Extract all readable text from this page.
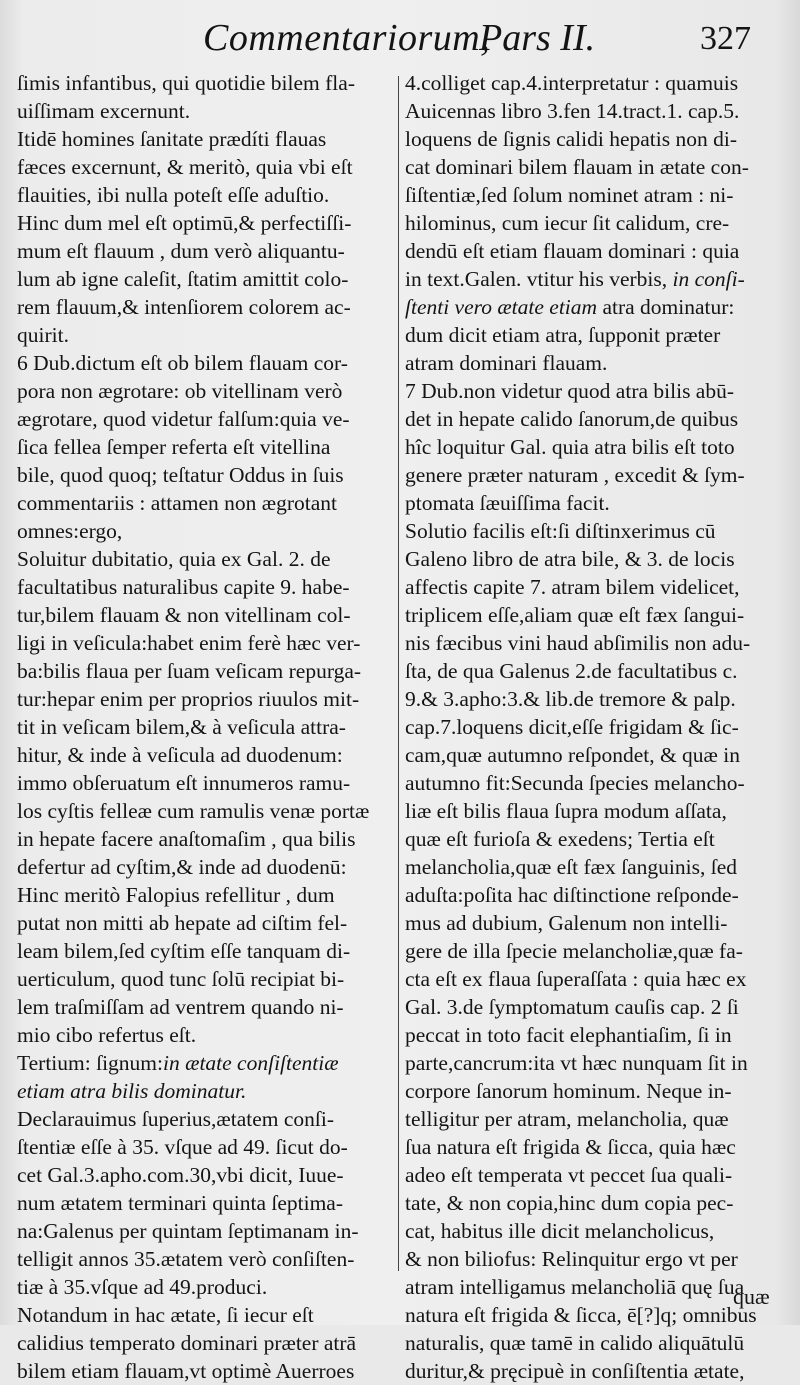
Commentariorum,
Pars II.	327
ſimis infantibus, qui quotidie bilem fla-
uiſſimam excernunt.
Itidē homines ſanitate prædíti flauas
fæces excernunt, & meritò, quia vbi eſt
flauities, ibi nulla poteſt eſſe aduſtio.
Hinc dum mel eſt optimū,& perfectiſſi-
mum eſt flauum , dum verò aliquantu-
lum ab igne caleſit, ſtatim amittit colo-
rem flauum,& intenſiorem colorem ac-
quirit.
6 Dub.dictum eſt ob bilem flauam cor-
pora non ægrotare: ob vitellinam verò
ægrotare, quod videtur falſum:quia ve-
ſica fellea ſemper referta eſt vitellina
bile, quod quoq; teſtatur Oddus in ſuis
commentariis : attamen non ægrotant
omnes:ergo,
Soluitur dubitatio, quia ex Gal. 2. de
facultatibus naturalibus capite 9. habe-
tur,bilem flauam & non vitellinam col-
ligi in veſicula:habet enim ferè hæc ver-
ba:bilis flaua per ſuam veſicam repurga-
tur:hepar enim per proprios riuulos mit-
tit in veſicam bilem,& à veſicula attra-
hitur, & inde à veſicula ad duodenum:
immo obſeruatum eſt innumeros ramu-
los cyſtis felleæ cum ramulis venæ portæ
in hepate facere anaſtomaſim , qua bilis
defertur ad cyſtim,& inde ad duodenū:
Hinc meritò Falopius refellitur , dum
putat non mitti ab hepate ad ciſtim fel-
leam bilem,ſed cyſtim eſſe tanquam di-
uerticulum, quod tunc ſolū recipiat bi-
lem traſmiſſam ad ventrem quando ni-
mio cibo refertus eſt.
Tertium: ſignum:in ætate conſiſtentiæ
etiam atra bilis dominatur.
Declarauimus ſuperius,ætatem conſi-
ſtentiæ eſſe à 35. vſque ad 49. ſicut do-
cet Gal.3.apho.com.30,vbi dicit, Iuue-
num ætatem terminari quinta ſeptima-
na:Galenus per quintam ſeptimanam in-
telligit annos 35.ætatem verò conſiſten-
tiæ à 35.vſque ad 49.produci.
Notandum in hac ætate, ſi iecur eſt
calidius temperato dominari præter atrā
bilem etiam flauam,vt optimè Auerroes
4.colliget cap.4.interpretatur : quamuis
Auicennas libro 3.fen 14.tract.1. cap.5.
loquens de ſignis calidi hepatis non di-
cat dominari bilem flauam in ætate con-
ſiſtentiæ,ſed ſolum nominet atram : ni-
hilominus, cum iecur ſit calidum, cre-
dendū eſt etiam flauam dominari : quia
in text.Galen. vtitur his verbis, in conſi-
ſtenti vero ætate etiam atra dominatur:
dum dicit etiam atra, ſupponit præter
atram dominari flauam.
7 Dub.non videtur quod atra bilis abū-
det in hepate calido ſanorum,de quibus
hîc loquitur Gal. quia atra bilis eſt toto
genere præter naturam , excedit & ſym-
ptomata ſæuiſſima facit.
Solutio facilis eſt:ſi diſtinxerimus cū
Galeno libro de atra bile, & 3. de locis
affectis capite 7. atram bilem videlicet,
triplicem eſſe,aliam quæ eſt fæx ſangui-
nis fæcibus vini haud abſimilis non adu-
ſta, de qua Galenus 2.de facultatibus c.
9.& 3.apho:3.& lib.de tremore & palp.
cap.7.loquens dicit,eſſe frigidam & ſic-
cam,quæ autumno reſpondet, & quæ in
autumno fit:Secunda ſpecies melancho-
liæ eſt bilis flaua ſupra modum aſſata,
quæ eſt furioſa & exedens; Tertia eſt
melancholia,quæ eſt fæx ſanguinis, ſed
aduſta:poſita hac diſtinctione reſponde-
mus ad dubium, Galenum non intelli-
gere de illa ſpecie melancholiæ,quæ fa-
cta eſt ex flaua ſuperaſſata : quia hæc ex
Gal. 3.de ſymptomatum cauſis cap. 2 ſi
peccat in toto facit elephantiaſim, ſi in
parte,cancrum:ita vt hæc nunquam ſit in
corpore ſanorum hominum. Neque in-
telligitur per atram, melancholia, quæ
ſua natura eſt frigida & ſicca, quia hæc
adeo eſt temperata vt peccet ſua quali-
tate, & non copia,hinc dum copia pec-
cat, habitus ille dicit melancholicus,
& non biliofus: Relinquitur ergo vt per
atram intelligamus melancholiā quę ſua
natura eſt frigida & ſicca, ē[?]q; omnibus
naturalis, quæ tamē in calido aliquātulū
duritur,& pręcipuè in conſiſtentia ætate,
quæ
